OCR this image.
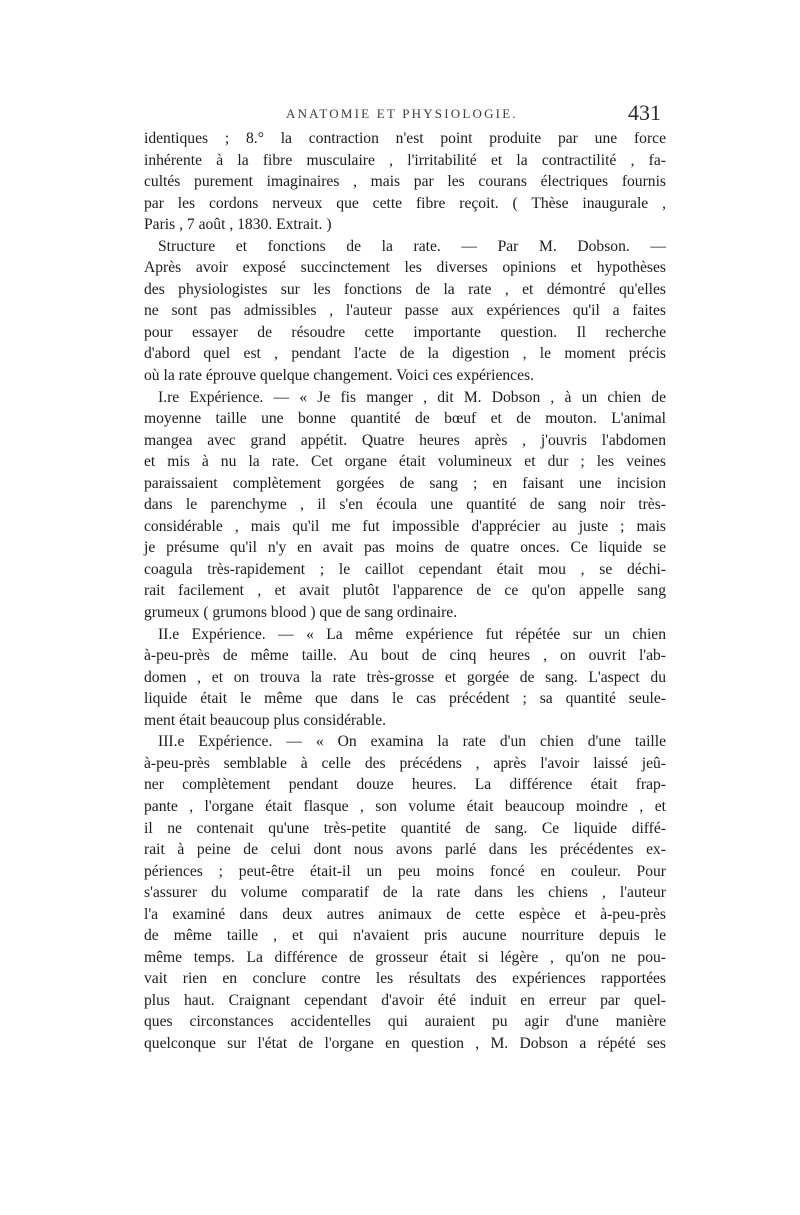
ANATOMIE ET PHYSIOLOGIE.	431
identiques ; 8.° la contraction n'est point produite par une force
inhérente à la fibre musculaire , l'irritabilité et la contractilité , fa-
cultés purement imaginaires , mais par les courans électriques fournis
par les cordons nerveux que cette fibre reçoit. ( Thèse inaugurale ,
Paris , 7 août , 1830. Extrait. )
Structure et fonctions de la rate. — Par M. Dobson. —
Après avoir exposé succinctement les diverses opinions et hypothèses
des physiologistes sur les fonctions de la rate , et démontré qu'elles
ne sont pas admissibles , l'auteur passe aux expériences qu'il a faites
pour essayer de résoudre cette importante question. Il recherche
d'abord quel est , pendant l'acte de la digestion , le moment précis
où la rate éprouve quelque changement. Voici ces expériences.
I.re Expérience. — « Je fis manger , dit M. Dobson , à un chien de
moyenne taille une bonne quantité de bœuf et de mouton. L'animal
mangea avec grand appétit. Quatre heures après , j'ouvris l'abdomen
et mis à nu la rate. Cet organe était volumineux et dur ; les veines
paraissaient complètement gorgées de sang ; en faisant une incision
dans le parenchyme , il s'en écoula une quantité de sang noir très-
considérable , mais qu'il me fut impossible d'apprécier au juste ; mais
je présume qu'il n'y en avait pas moins de quatre onces. Ce liquide se
coagula très-rapidement ; le caillot cependant était mou , se déchi-
rait facilement , et avait plutôt l'apparence de ce qu'on appelle sang
grumeux ( grumons blood ) que de sang ordinaire.
II.e Expérience. — « La même expérience fut répétée sur un chien
à-peu-près de même taille. Au bout de cinq heures , on ouvrit l'ab-
domen , et on trouva la rate très-grosse et gorgée de sang. L'aspect du
liquide était le même que dans le cas précédent ; sa quantité seule-
ment était beaucoup plus considérable.
III.e Expérience. — « On examina la rate d'un chien d'une taille
à-peu-près semblable à celle des précédens , après l'avoir laissé jeû-
ner complètement pendant douze heures. La différence était frap-
pante , l'organe était flasque , son volume était beaucoup moindre , et
il ne contenait qu'une très-petite quantité de sang. Ce liquide diffé-
rait à peine de celui dont nous avons parlé dans les précédentes ex-
périences ; peut-être était-il un peu moins foncé en couleur. Pour
s'assurer du volume comparatif de la rate dans les chiens , l'auteur
l'a examiné dans deux autres animaux de cette espèce et à-peu-près
de même taille , et qui n'avaient pris aucune nourriture depuis le
même temps. La différence de grosseur était si légère , qu'on ne pou-
vait rien en conclure contre les résultats des expériences rapportées
plus haut. Craignant cependant d'avoir été induit en erreur par quel-
ques circonstances accidentelles qui auraient pu agir d'une manière
quelconque sur l'état de l'organe en question , M. Dobson a répété ses
